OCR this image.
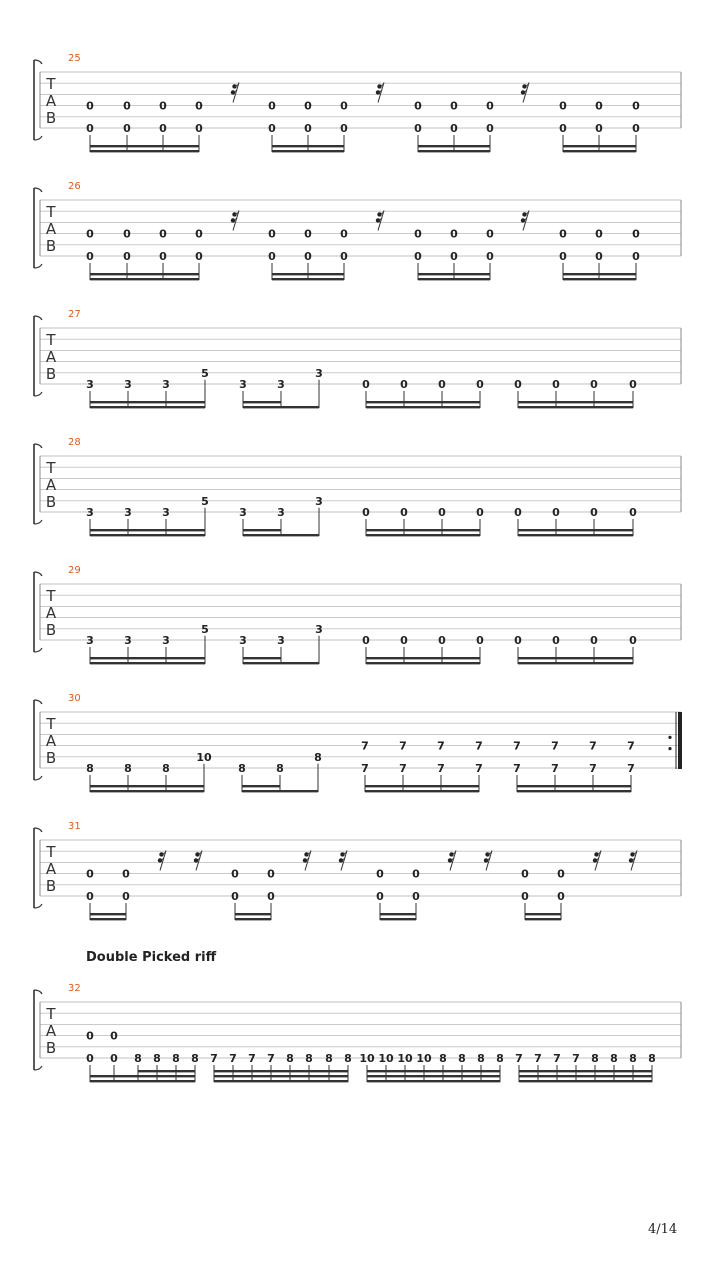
T
A
B
25
0
0
0
0
0
0
0
0
0
0
0
0
0
0
0
0
0
0
0
0
0
0
0
0
0
0
T
A
B
26
0
0
0
0
0
0
0
0
0
0
0
0
0
0
0
0
0
0
0
0
0
0
0
0
0
0
T
A
B
27
3	3	3
5
3	3
3
0	0	0	0	0	0	0	0
T
A
B
28
3	3	3
5
3	3
3
0	0	0	0	0	0	0	0
T
A
B
29
3	3	3
5
3	3
3
0	0	0	0	0	0	0	0
T
A
B
30
8	8	8
10
8	8
8
7
7
7
7
7
7
7
7
7
7
7
7
7
7
7
7
T
A
B
31
0
0
0
0
0
0
0
0
0
0
0
0
0
0
0
0
T
A
B
32
0
0
0
0 8 8 8 8 7 7 7 7 8 8 8 8 10 10 10 10 8 8 8 8 7 7 7 7 8 8 8 8
Double Picked riff
4/14
